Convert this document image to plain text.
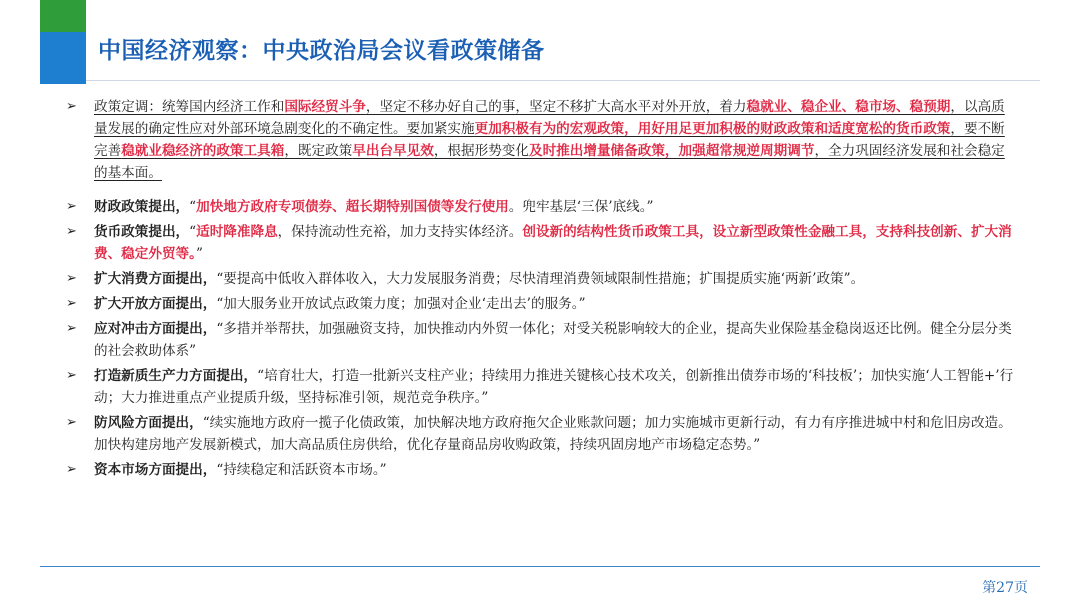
中国经济观察：中央政治局会议看政策储备
➢ 政策定调：统筹国内经济工作和国际经贸斗争，坚定不移办好自己的事，坚定不移扩大高水平对外开放，着力稳就业、稳企业、稳市场、稳预期，以高质量发展的确定性应对外部环境急剧变化的不确定性。要加紧实施更加积极有为的宏观政策，用好用足更加积极的财政政策和适度宽松的货币政策，要不断完善稳就业稳经济的政策工具箱，既定政策早出台早见效，根据形势变化及时推出增量储备政策，加强超常规逆周期调节，全力巩固经济发展和社会稳定的基本面。
➢ 财政政策提出，“加快地方政府专项债券、超长期特别国债等发行使用。兜牢基层‘三保’底线。”
➢ 货币政策提出，“适时降准降息，保持流动性充裕，加力支持实体经济。创设新的结构性货币政策工具，设立新型政策性金融工具，支持科技创新、扩大消费、稳定外贸等。”
➢ 扩大消费方面提出，“要提高中低收入群体收入，大力发展服务消费；尽快清理消费领域限制性措施；扩围提质实施‘两新’政策”。
➢ 扩大开放方面提出，“加大服务业开放试点政策力度；加强对企业‘走出去’的服务。”
➢ 应对冲击方面提出，“多措并举帮扶，加强融资支持，加快推动内外贸一体化；对受关税影响较大的企业，提高失业保险基金稳岗返还比例。健全分层分类的社会救助体系”
➢ 打造新质生产力方面提出，“培育壮大，打造一批新兴支柱产业；持续用力推进关键核心技术攻关，创新推出债券市场的‘科技板’；加快实施‘人工智能+’行动；大力推进重点产业提质升级，坚持标准引领，规范竞争秩序。”
➢ 防风险方面提出，“续实施地方政府一揽子化债政策，加快解决地方政府拖欠企业账款问题；加力实施城市更新行动，有力有序推进城中村和危旧房改造。加快构建房地产发展新模式，加大高品质住房供给，优化存量商品房收购政策，持续巩固房地产市场稳定态势。”
➢ 资本市场方面提出，“持续稳定和活跃资本市场。”
第27页
